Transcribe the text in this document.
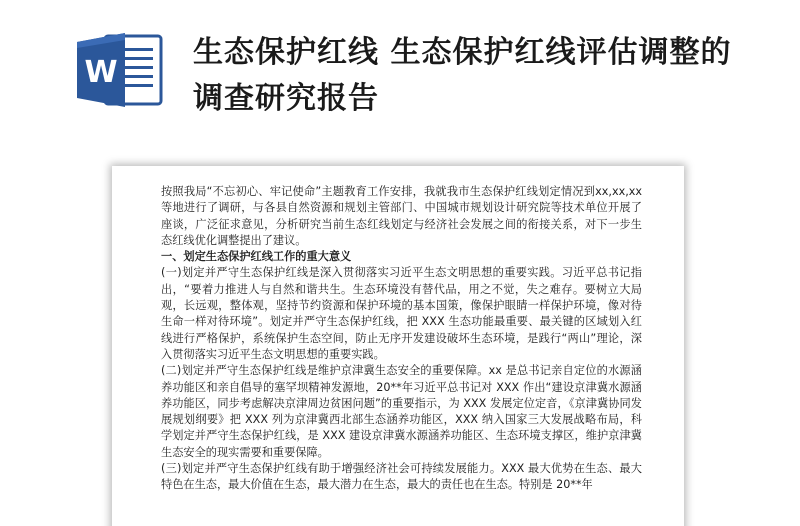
W
生态保护红线 生态保护红线评估调整的调查研究报告

按照我局“不忘初心、牢记使命”主题教育工作安排，我就我市生态保护红线划定情况到xx,xx,xx 等地进行了调研，与各县自然资源和规划主管部门、中国城市规划设计研究院等技术单位开展了座谈，广泛征求意见，分析研究当前生态红线划定与经济社会发展之间的衔接关系，对下一步生态红线优化调整提出了建议。

一、划定生态保护红线工作的重大意义

(一)划定并严守生态保护红线是深入贯彻落实习近平生态文明思想的重要实践。习近平总书记指出，“要着力推进人与自然和谐共生。生态环境没有替代品，用之不觉，失之难存。要树立大局观，长远观，整体观，坚持节约资源和保护环境的基本国策，像保护眼睛一样保护环境，像对待生命一样对待环境”。划定并严守生态保护红线，把 XXX 生态功能最重要、最关键的区域划入红线进行严格保护，系统保护生态空间，防止无序开发建设破坏生态环境，是践行“两山”理论，深入贯彻落实习近平生态文明思想的重要实践。

(二)划定并严守生态保护红线是维护京津冀生态安全的重要保障。xx 是总书记亲自定位的水源涵养功能区和亲自倡导的塞罕坝精神发源地，20**年习近平总书记对 XXX 作出“建设京津冀水源涵养功能区，同步考虑解决京津周边贫困问题”的重要指示，为 XXX 发展定位定音，《京津冀协同发展规划纲要》把 XXX 列为京津冀西北部生态涵养功能区，XXX 纳入国家三大发展战略布局，科学划定并严守生态保护红线，是 XXX 建设京津冀水源涵养功能区、生态环境支撑区，维护京津冀生态安全的现实需要和重要保障。

(三)划定并严守生态保护红线有助于增强经济社会可持续发展能力。XXX 最大优势在生态、最大特色在生态，最大价值在生态，最大潜力在生态，最大的责任也在生态。特别是 20**年
